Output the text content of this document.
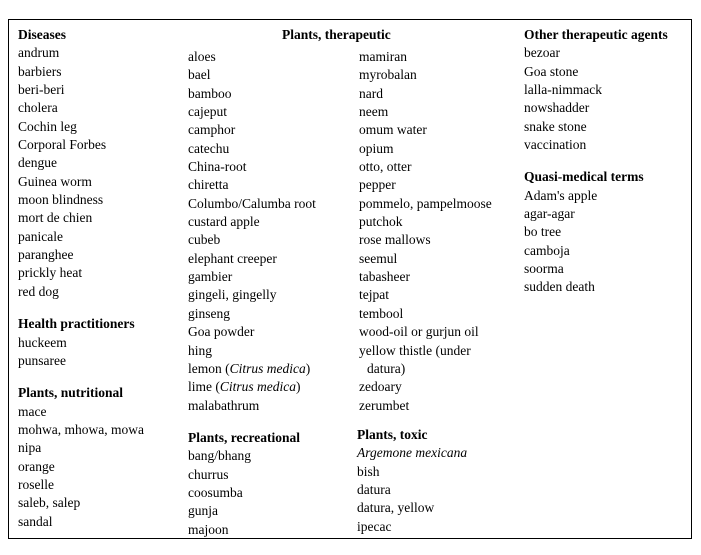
Diseases
andrum
barbiers
beri-beri
cholera
Cochin leg
Corporal Forbes
dengue
Guinea worm
moon blindness
mort de chien
panicale
paranghee
prickly heat
red dog
Health practitioners
huckeem
punsaree
Plants, nutritional
mace
mohwa, mhowa, mowa
nipa
orange
roselle
saleb, salep
sandal
Plants, therapeutic
aloes
bael
bamboo
cajeput
camphor
catechu
China-root
chiretta
Columbo/Calumba root
custard apple
cubeb
elephant creeper
gambier
gingeli, gingelly
ginseng
Goa powder
hing
lemon (Citrus medica)
lime (Citrus medica)
malabathrum
Plants, recreational
bang/bhang
churrus
coosumba
gunja
majoon
mamiran
myrobalan
nard
neem
omum water
opium
otto, otter
pepper
pommelo, pampelmoose
putchok
rose mallows
seemul
tabasheer
tejpat
tembool
wood-oil or gurjun oil
yellow thistle (under
datura)
zedoary
zerumbet
Plants, toxic
Argemone mexicana
bish
datura
datura, yellow
ipecac
Other therapeutic agents
bezoar
Goa stone
lalla-nimmack
nowshadder
snake stone
vaccination
Quasi-medical terms
Adam's apple
agar-agar
bo tree
camboja
soorma
sudden death
